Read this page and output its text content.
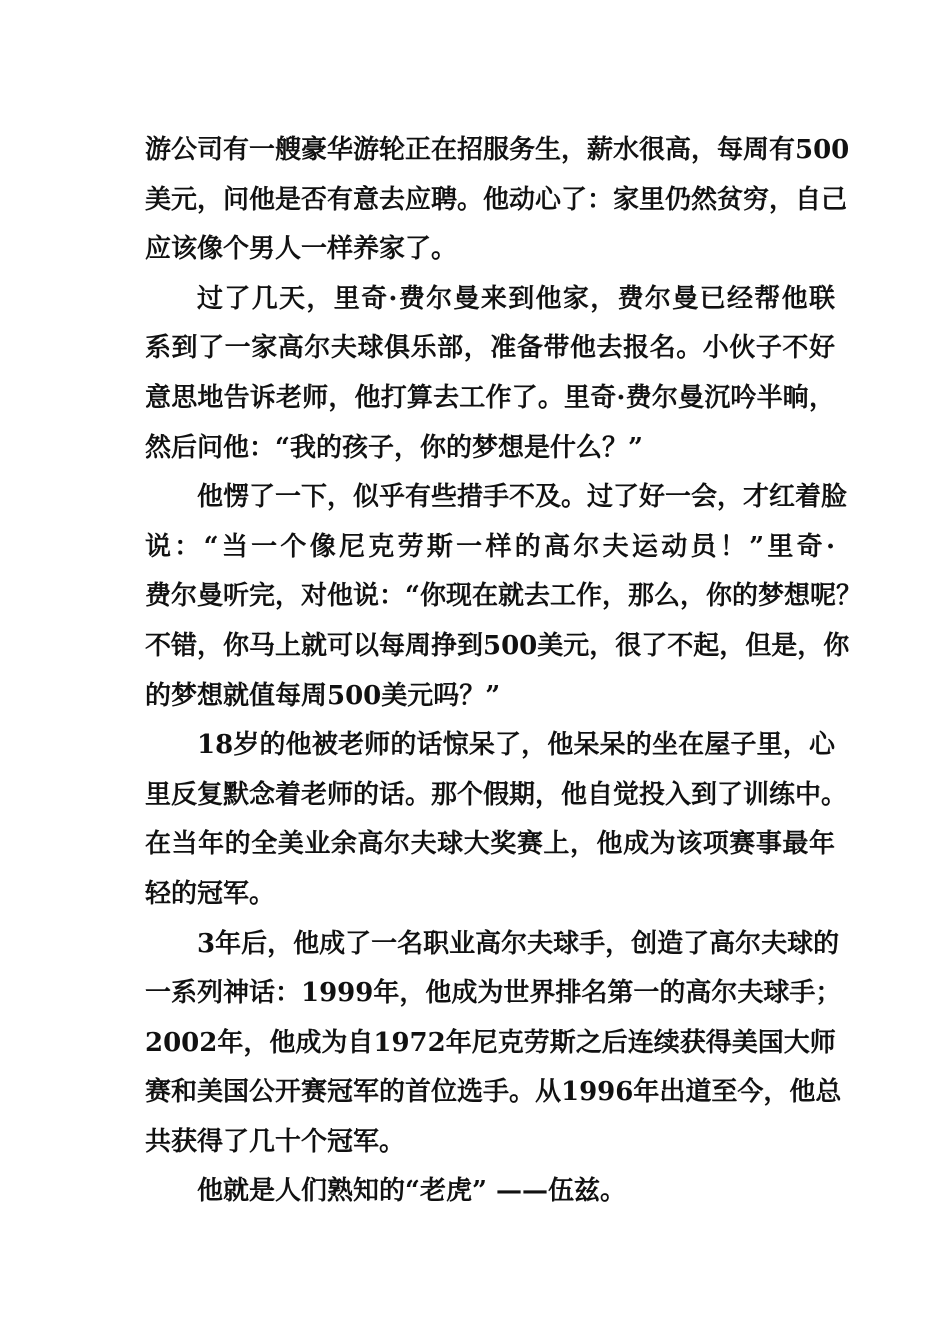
游公司有一艘豪华游轮正在招服务生，薪水很高，每周有500
美元，问他是否有意去应聘。他动心了：家里仍然贫穷，自己
应该像个男人一样养家了。
过了几天，里奇·费尔曼来到他家，费尔曼已经帮他联
系到了一家高尔夫球俱乐部，准备带他去报名。小伙子不好
意思地告诉老师，他打算去工作了。里奇·费尔曼沉吟半晌，
然后问他：“我的孩子，你的梦想是什么？”
他愣了一下，似乎有些措手不及。过了好一会，才红着脸
说：“当一个像尼克劳斯一样的高尔夫运动员！”里奇·
费尔曼听完，对他说：“你现在就去工作，那么，你的梦想呢？
不错，你马上就可以每周挣到500美元，很了不起，但是，你
的梦想就值每周500美元吗？”
18岁的他被老师的话惊呆了，他呆呆的坐在屋子里，心
里反复默念着老师的话。那个假期，他自觉投入到了训练中。
在当年的全美业余高尔夫球大奖赛上，他成为该项赛事最年
轻的冠军。
3年后，他成了一名职业高尔夫球手，创造了高尔夫球的
一系列神话：1999年，他成为世界排名第一的高尔夫球手；
2002年，他成为自1972年尼克劳斯之后连续获得美国大师
赛和美国公开赛冠军的首位选手。从1996年出道至今，他总
共获得了几十个冠军。
他就是人们熟知的“老虎” ——伍兹。
